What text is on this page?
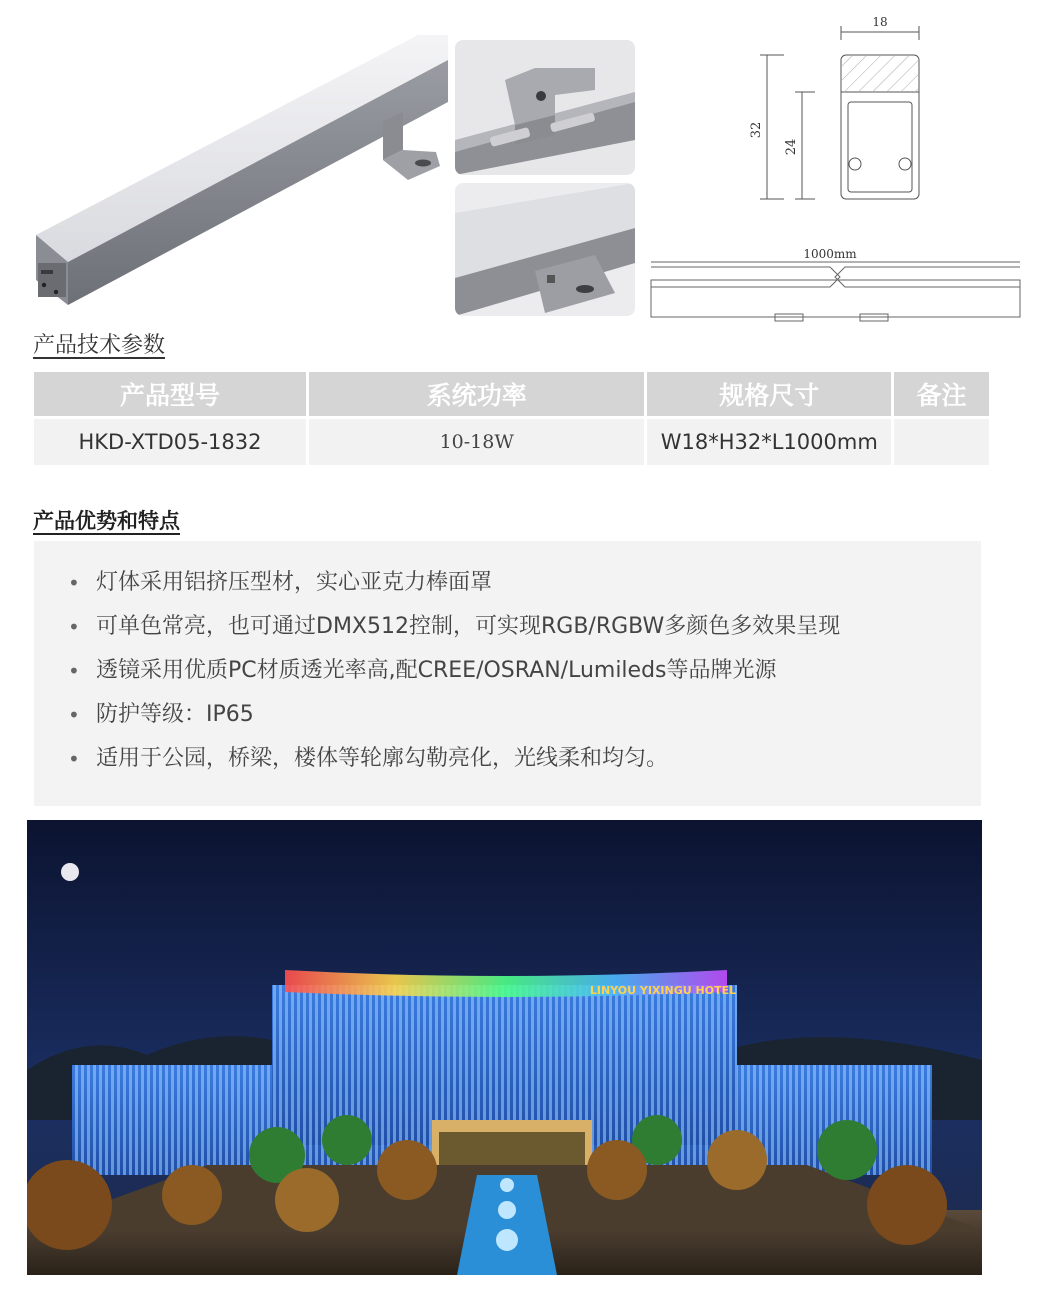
18
32
24
1000mm
产品技术参数
产品型号	系统功率	规格尺寸	备注
HKD-XTD05-1832	10-18W	W18*H32*L1000mm	
产品优势和特点
• 灯体采用铝挤压型材，实心亚克力棒面罩
• 可单色常亮，也可通过DMX512控制，可实现RGB/RGBW多颜色多效果呈现
• 透镜采用优质PC材质透光率高,配CREE/OSRAN/Lumileds等品牌光源
• 防护等级：IP65
• 适用于公园，桥梁，楼体等轮廓勾勒亮化，光线柔和均匀。
LINYOU YIXINGU HOTEL
